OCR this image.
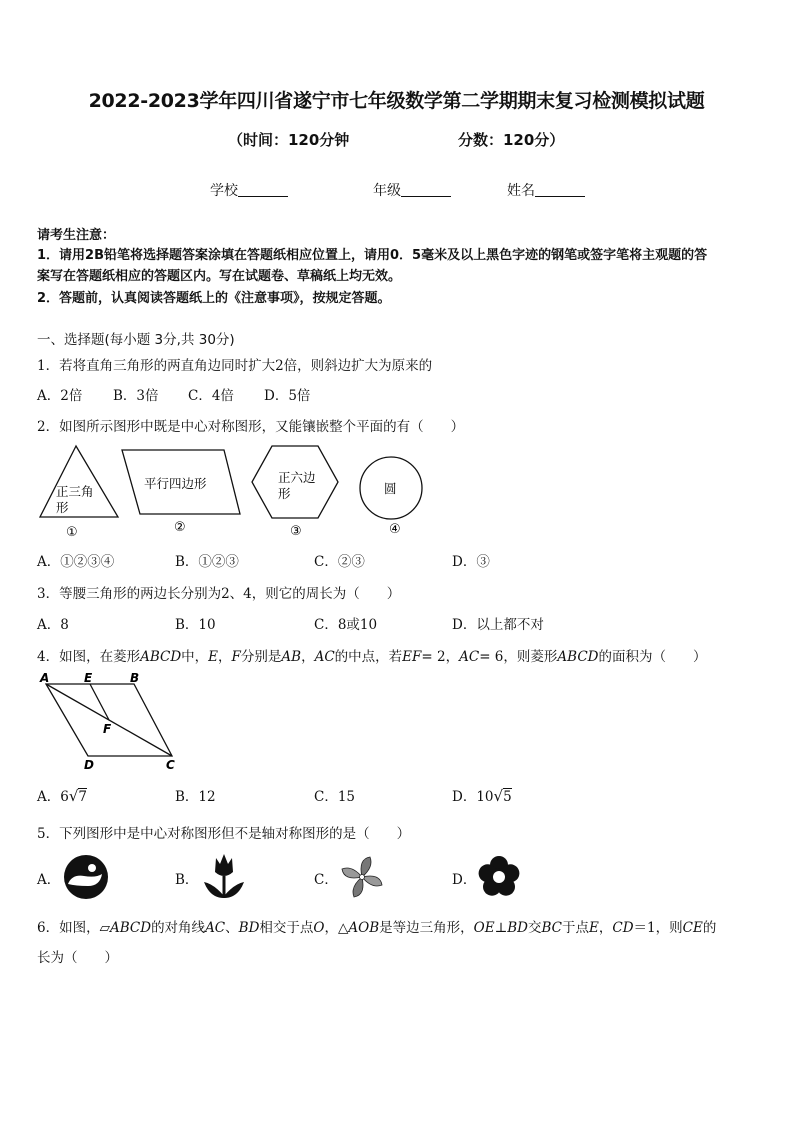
2022-2023学年四川省遂宁市七年级数学第二学期期末复习检测模拟试题
（时间：120分钟	分数：120分）
学校	年级	姓名
请考生注意：
1．请用2B铅笔将选择题答案涂填在答题纸相应位置上，请用0．5毫米及以上黑色字迹的钢笔或签字笔将主观题的答
案写在答题纸相应的答题区内。写在试题卷、草稿纸上均无效。
2．答题前，认真阅读答题纸上的《注意事项》，按规定答题。
一、选择题(每小题 3分,共 30分)
1．若将直角三角形的两直角边同时扩大2倍，则斜边扩大为原来的
A．2倍 B．3倍 C．4倍 D．5倍
2．如图所示图形中既是中心对称图形，又能镶嵌整个平面的有（　　）
正三角
形
①
平行四边形
②
正六边
形
③
圆
④
A．①②③④	B．①②③	C．②③	D．③
3．等腰三角形的两边长分别为2、4，则它的周长为（　　）
A．8	B．10	C．8或10	D．以上都不对
4．如图，在菱形ABCD中，E，F分别是AB，AC的中点，若EF= 2，AC= 6，则菱形ABCD的面积为（　　）
A	E	B
F
D	C
A．6√7	B．12	C．15	D．10√5
5．下列图形中是中心对称图形但不是轴对称图形的是（　　）
A．	B．	C．	D．
6．如图，▱ABCD的对角线AC、BD相交于点O，△AOB是等边三角形，OE⊥BD交BC于点E，CD＝1，则CE的
长为（　　）
